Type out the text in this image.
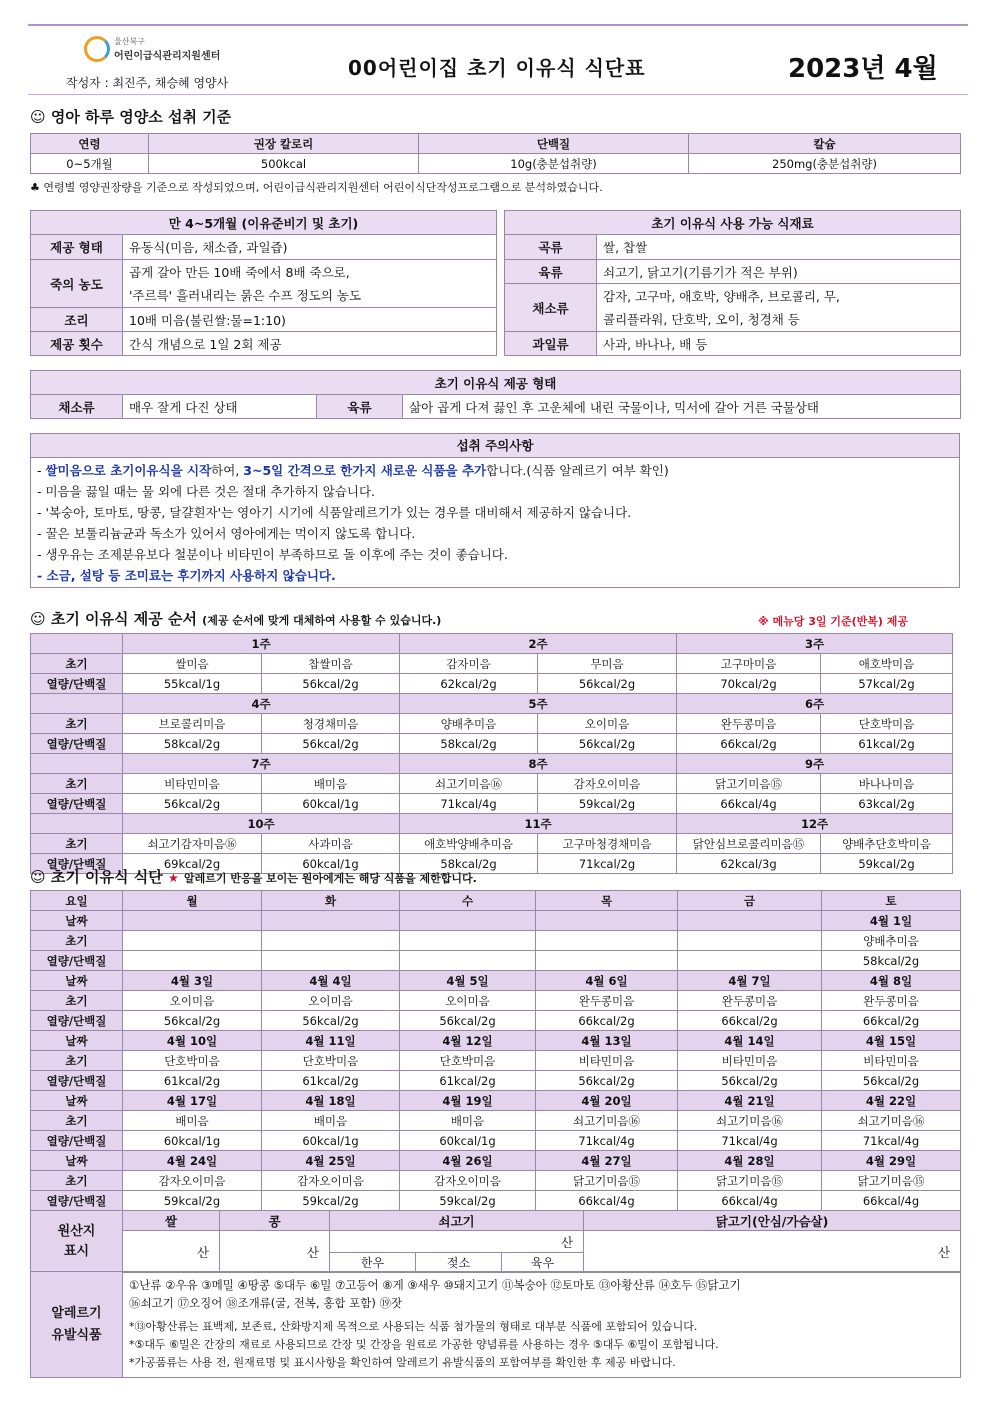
울산북구
어린이급식관리지원센터
작성자 : 최진주, 채승혜 영양사
00어린이집 초기 이유식 식단표	2023년 4월
☺ 영아 하루 영양소 섭취 기준
연령	권장 칼로리	단백질	칼슘
0~5개월	500kcal	10g(충분섭취량)	250mg(충분섭취량)
♣ 연령별 영양권장량을 기준으로 작성되었으며, 어린이급식관리지원센터 어린이식단작성프로그램으로 분석하였습니다.
만 4~5개월 (이유준비기 및 초기)	
제공 형태	유동식(미음, 채소즙, 과일즙)
죽의 농도	곱게 갈아 만든 10배 죽에서 8배 죽으로,
	'주르륵' 흘러내리는 묽은 수프 정도의 농도
조리	10배 미음(불린쌀:물=1:10)
제공 횟수	간식 개념으로 1일 2회 제공
초기 이유식 사용 가능 식재료	
곡류	쌀, 찹쌀
육류	쇠고기, 닭고기(기름기가 적은 부위)
채소류	감자, 고구마, 애호박, 양배추, 브로콜리, 무,
	콜리플라워, 단호박, 오이, 청경채 등
과일류	사과, 바나나, 배 등
초기 이유식 제공 형태
채소류	매우 잘게 다진 상태	육류	삶아 곱게 다져 끓인 후 고운체에 내린 국물이나, 믹서에 갈아 거른 국물상태
섭취 주의사항
- 쌀미음으로 초기이유식을 시작하여, 3~5일 간격으로 한가지 새로운 식품을 추가합니다.(식품 알레르기 여부 확인)
- 미음을 끓일 때는 물 외에 다른 것은 절대 추가하지 않습니다.
- '복숭아, 토마토, 땅콩, 달걀흰자'는 영아기 시기에 식품알레르기가 있는 경우를 대비해서 제공하지 않습니다.
- 꿀은 보툴리늄균과 독소가 있어서 영아에게는 먹이지 않도록 합니다.
- 생우유는 조제분유보다 철분이나 비타민이 부족하므로 돌 이후에 주는 것이 좋습니다.
- 소금, 설탕 등 조미료는 후기까지 사용하지 않습니다.
☺ 초기 이유식 제공 순서 (제공 순서에 맞게 대체하여 사용할 수 있습니다.)	※ 메뉴당 3일 기준(반복) 제공
	1주		2주		3주	
초기	쌀미음	찹쌀미음	감자미음	무미음	고구마미음	애호박미음
열량/단백질	55kcal/1g	56kcal/2g	62kcal/2g	56kcal/2g	70kcal/2g	57kcal/2g
	4주		5주		6주	
초기	브로콜리미음	청경채미음	양배추미음	오이미음	완두콩미음	단호박미음
열량/단백질	58kcal/2g	56kcal/2g	58kcal/2g	56kcal/2g	66kcal/2g	61kcal/2g
	7주		8주		9주	
초기	비타민미음	배미음	쇠고기미음⑯	감자오이미음	닭고기미음⑮	바나나미음
열량/단백질	56kcal/2g	60kcal/1g	71kcal/4g	59kcal/2g	66kcal/4g	63kcal/2g
	10주		11주		12주	
초기	쇠고기감자미음⑯	사과미음	애호박양배추미음	고구마청경채미음	닭안심브로콜리미음⑮	양배추단호박미음
열량/단백질	69kcal/2g	60kcal/1g	58kcal/2g	71kcal/2g	62kcal/3g	59kcal/2g
☺ 초기 이유식 식단 ★ 알레르기 반응을 보이는 원아에게는 해당 식품을 제한합니다.
요일	월	화	수	목	금	토
날짜						4월 1일
초기						양배추미음
열량/단백질						58kcal/2g
날짜	4월 3일	4월 4일	4월 5일	4월 6일	4월 7일	4월 8일
초기	오이미음	오이미음	오이미음	완두콩미음	완두콩미음	완두콩미음
열량/단백질	56kcal/2g	56kcal/2g	56kcal/2g	66kcal/2g	66kcal/2g	66kcal/2g
날짜	4월 10일	4월 11일	4월 12일	4월 13일	4월 14일	4월 15일
초기	단호박미음	단호박미음	단호박미음	비타민미음	비타민미음	비타민미음
열량/단백질	61kcal/2g	61kcal/2g	61kcal/2g	56kcal/2g	56kcal/2g	56kcal/2g
날짜	4월 17일	4월 18일	4월 19일	4월 20일	4월 21일	4월 22일
초기	배미음	배미음	배미음	쇠고기미음⑯	쇠고기미음⑯	쇠고기미음⑯
열량/단백질	60kcal/1g	60kcal/1g	60kcal/1g	71kcal/4g	71kcal/4g	71kcal/4g
날짜	4월 24일	4월 25일	4월 26일	4월 27일	4월 28일	4월 29일
초기	감자오이미음	감자오이미음	감자오이미음	닭고기미음⑮	닭고기미음⑮	닭고기미음⑮
열량/단백질	59kcal/2g	59kcal/2g	59kcal/2g	66kcal/4g	66kcal/4g	66kcal/4g
원산지
표시	쌀	콩	쇠고기			닭고기(안심/가슴살)
	산	산	산			산
			한우	젖소	육우	
알레르기
유발식품	
①난류 ②우유 ③메밀 ④땅콩 ⑤대두 ⑥밀 ⑦고등어 ⑧게 ⑨새우 ⑩돼지고기 ⑪복숭아 ⑫토마토 ⑬아황산류 ⑭호두 ⑮닭고기
⑯쇠고기 ⑰오징어 ⑱조개류(굴, 전복, 홍합 포함) ⑲잣
*⑬아황산류는 표백제, 보존료, 산화방지제 목적으로 사용되는 식품 첨가물의 형태로 대부분 식품에 포함되어 있습니다.
*⑤대두 ⑥밀은 간장의 재료로 사용되므로 간장 및 간장을 원료로 가공한 양념류를 사용하는 경우 ⑤대두 ⑥밀이 포함됩니다.
*가공품류는 사용 전, 원재료명 및 표시사항을 확인하여 알레르기 유발식품의 포함여부를 확인한 후 제공 바랍니다.
